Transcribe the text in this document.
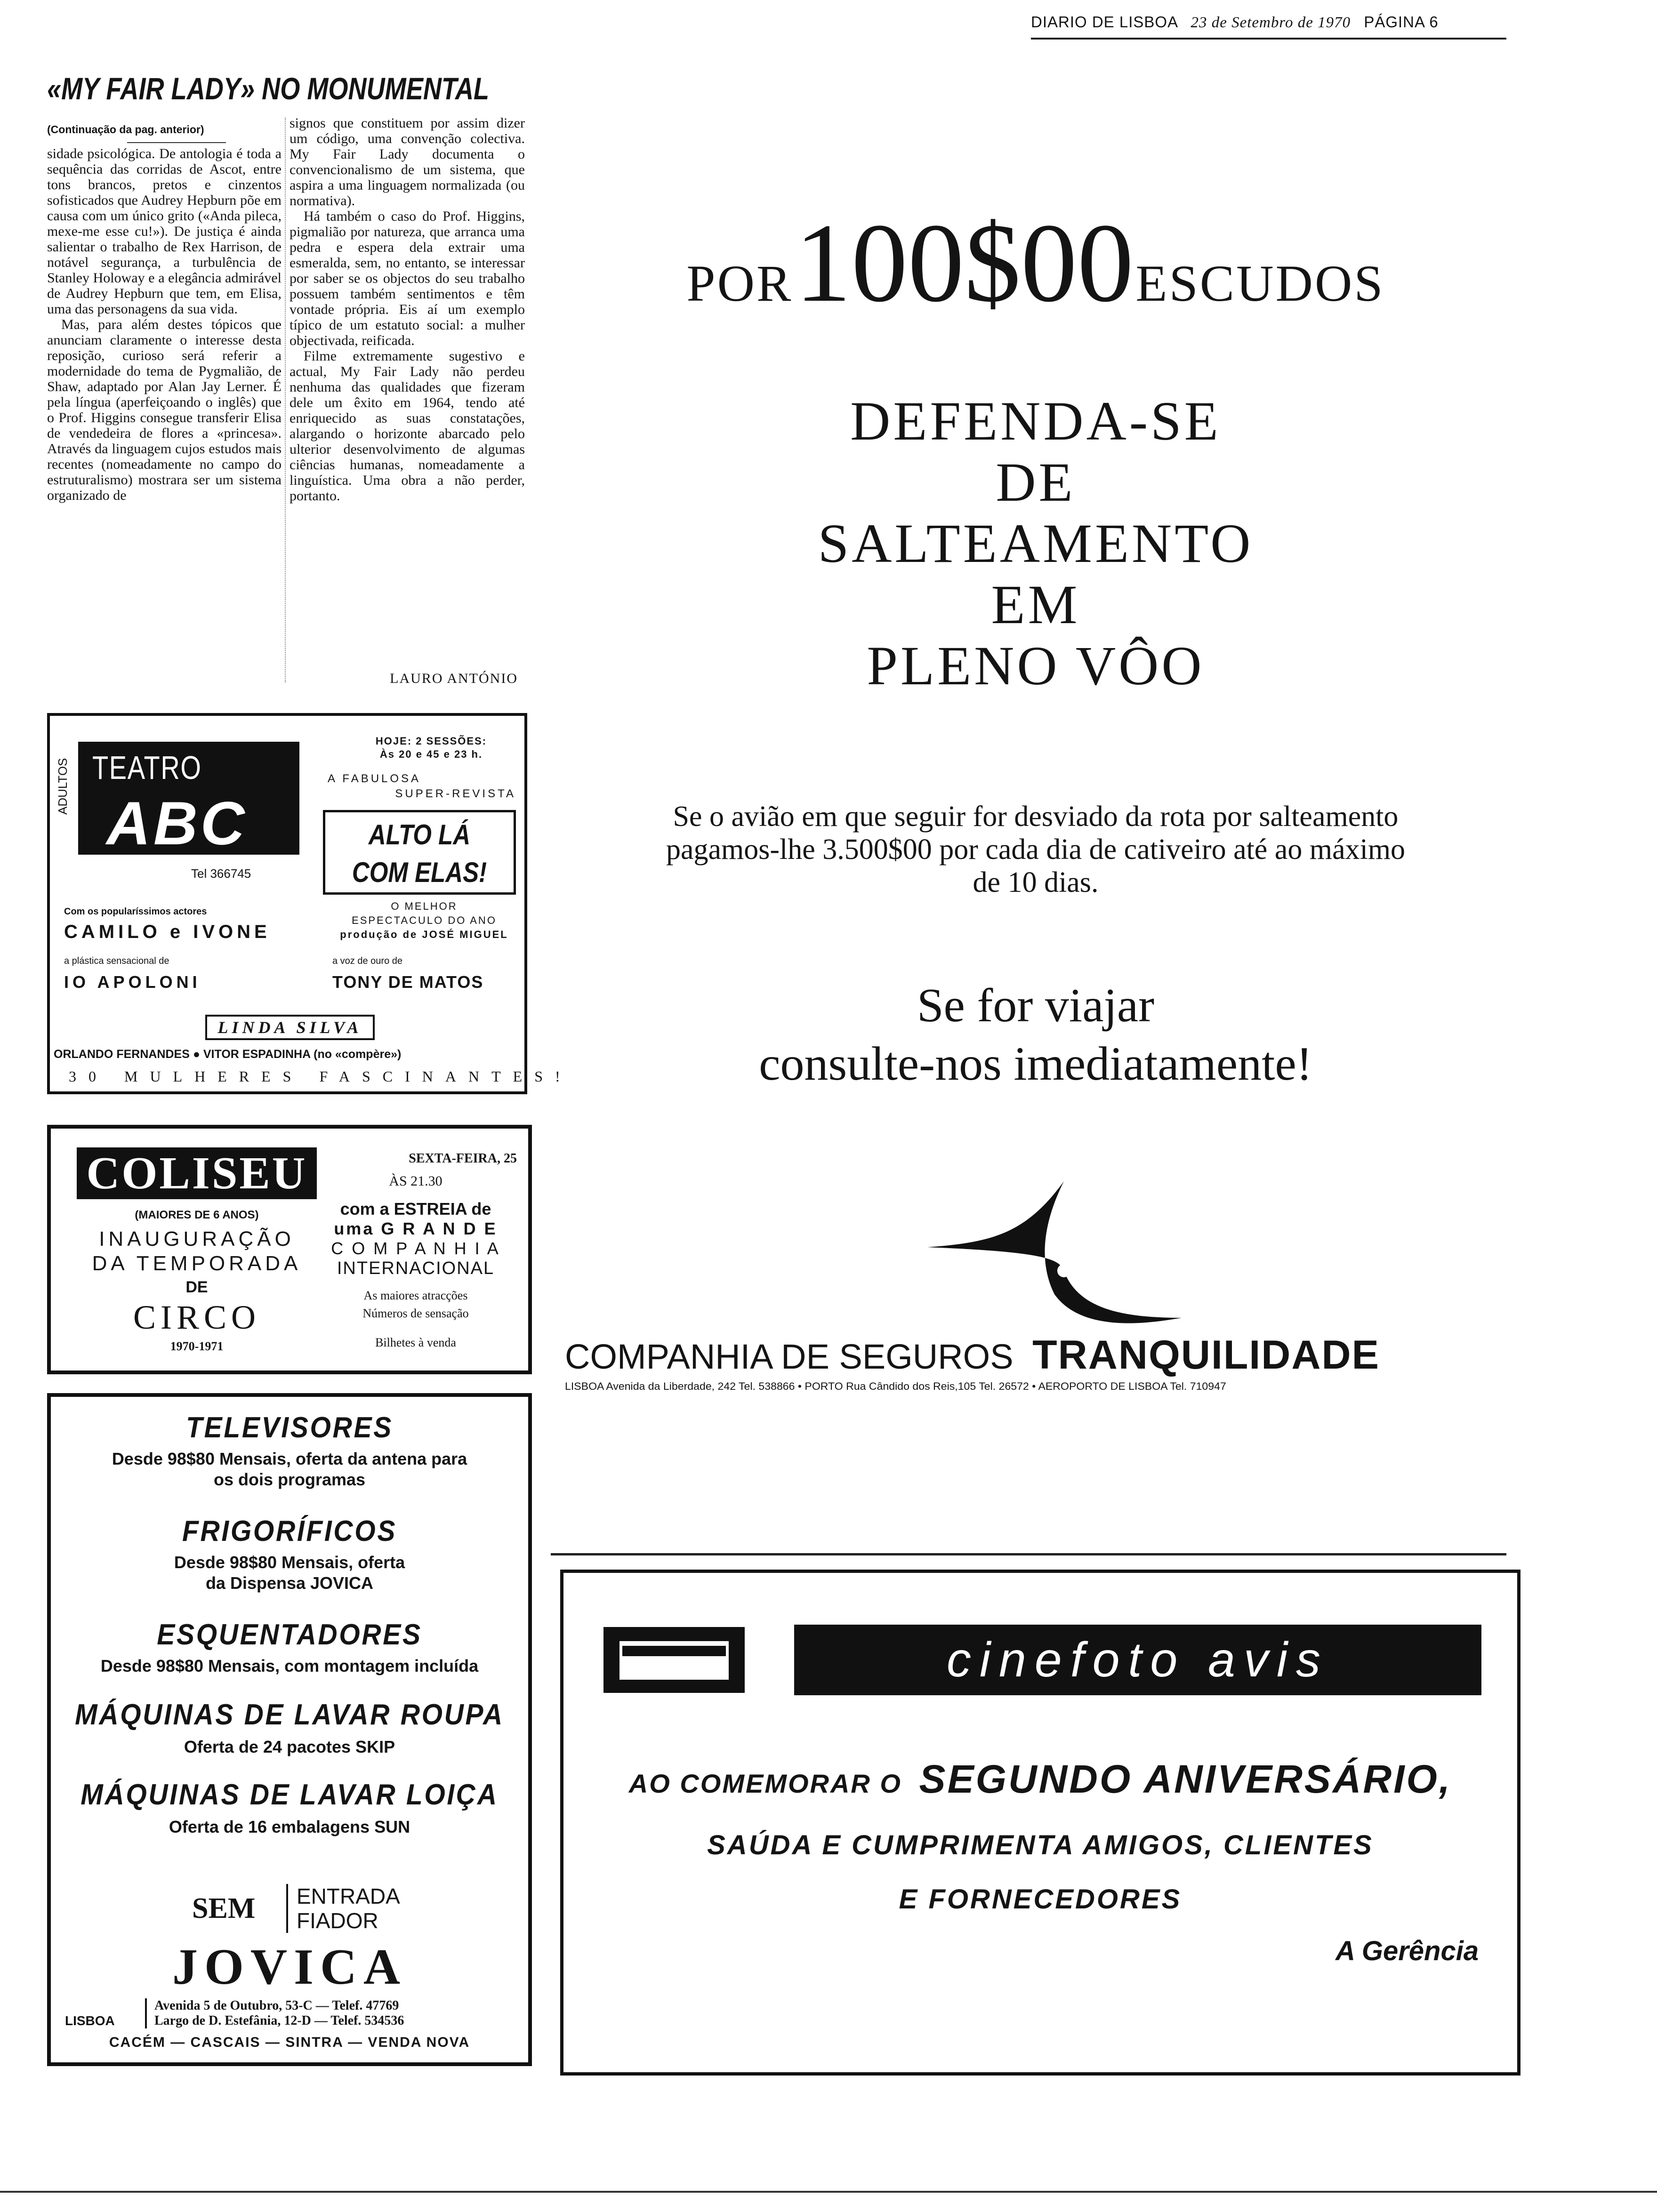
DIARIO DE LISBOA 23 de Setembro de 1970 PÁGINA 6
«MY FAIR LADY» NO MONUMENTAL
(Continuação da pag. anterior)

sidade psicológica. De antologia é toda a sequência das corridas de Ascot, entre tons brancos, pretos e cinzentos sofisticados que Audrey Hepburn põe em causa com um único grito («Anda pileca, mexe-me esse cu!»). De justiça é ainda salientar o trabalho de Rex Harrison, de notável segurança, a turbulência de Stanley Holoway e a elegância admirável de Audrey Hepburn que tem, em Elisa, uma das personagens da sua vida.

Mas, para além destes tópicos que anunciam claramente o interesse desta reposição, curioso será referir a modernidade do tema de Pygmalião, de Shaw, adaptado por Alan Jay Lerner. É pela língua (aperfeiçoando o inglês) que o Prof. Higgins consegue transferir Elisa de vendedeira de flores a «princesa». Através da linguagem cujos estudos mais recentes (nomeadamente no campo do estruturalismo) mostrara ser um sistema organizado de

signos que constituem por assim dizer um código, uma convenção colectiva. My Fair Lady documenta o convencionalismo de um sistema, que aspira a uma linguagem normalizada (ou normativa).

Há também o caso do Prof. Higgins, pigmalião por natureza, que arranca uma pedra e espera dela extrair uma esmeralda, sem, no entanto, se interessar por saber se os objectos do seu trabalho possuem também sentimentos e têm vontade própria. Eis aí um exemplo típico de um estatuto social: a mulher objectivada, reificada.

Filme extremamente sugestivo e actual, My Fair Lady não perdeu nenhuma das qualidades que fizeram dele um êxito em 1964, tendo até enriquecido as suas constatações, alargando o horizonte abarcado pelo ulterior desenvolvimento de algumas ciências humanas, nomeadamente a linguística. Uma obra a não perder, portanto.

LAURO ANTÓNIO
ADULTOS TEATRO
ABC
Tel 366745
HOJE: 2 SESSÕES:
Às 20 e 45 e 23 h.
A FABULOSA
SUPER-REVISTA
ALTO LÁ
COM ELAS!
O MELHOR
ESPECTACULO DO ANO
produção de JOSÉ MIGUEL
Com os popularíssimos actores
CAMILO e IVONE
a plástica sensacional de
IO APOLONI
a voz de ouro de
TONY DE MATOS
LINDA SILVA
ORLANDO FERNANDES ● VITOR ESPADINHA (no «compère»)
30 MULHERES FASCINANTES!
COLISEU
(MAIORES DE 6 ANOS)
INAUGURAÇÃO
DA TEMPORADA
DE
CIRCO
1970-1971
SEXTA-FEIRA, 25
ÀS 21.30
com a ESTREIA de
uma G R A N D E
C O M P A N H I A
INTERNACIONAL
As maiores atracções
Números de sensação
Bilhetes à venda
TELEVISORES
Desde 98$80 Mensais, oferta da antena para
os dois programas
FRIGORÍFICOS
Desde 98$80 Mensais, oferta
da Dispensa JOVICA
ESQUENTADORES
Desde 98$80 Mensais, com montagem incluída
MÁQUINAS DE LAVAR ROUPA
Oferta de 24 pacotes SKIP
MÁQUINAS DE LAVAR LOIÇA
Oferta de 16 embalagens SUN
SEM ENTRADA
FIADOR
JOVICA
LISBOA
Avenida 5 de Outubro, 53-C — Telef. 47769
Largo de D. Estefânia, 12-D — Telef. 534536
CACÉM — CASCAIS — SINTRA — VENDA NOVA
POR 100$00 ESCUDOS
DEFENDA-SE
DE
SALTEAMENTO
EM
PLENO VÔO
Se o avião em que seguir for desviado da rota por salteamento pagamos-lhe 3.500$00 por cada dia de cativeiro até ao máximo de 10 dias.
Se for viajar
consulte-nos imediatamente!
COMPANHIA DE SEGUROS TRANQUILIDADE
LISBOA Avenida da Liberdade, 242 Tel. 538866 • PORTO Rua Cândido dos Reis,105 Tel. 26572 • AEROPORTO DE LISBOA Tel. 710947
cinefoto avis
AO COMEMORAR O SEGUNDO ANIVERSÁRIO,
SAÚDA E CUMPRIMENTA AMIGOS, CLIENTES
E FORNECEDORES
A Gerência
